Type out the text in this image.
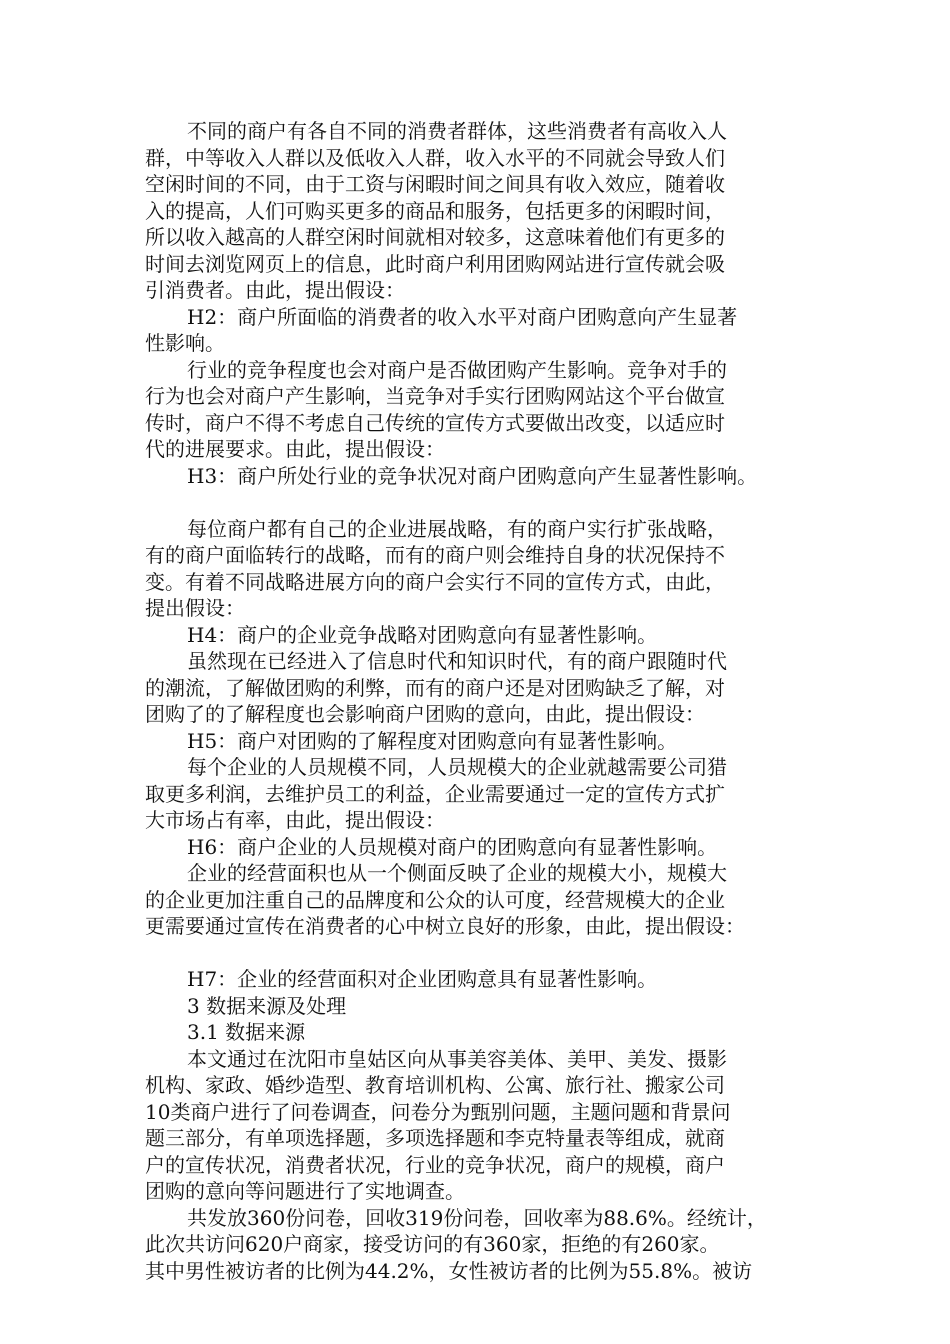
不同的商户有各自不同的消费者群体，这些消费者有高收入人
群，中等收入人群以及低收入人群，收入水平的不同就会导致人们
空闲时间的不同，由于工资与闲暇时间之间具有收入效应，随着收
入的提高，人们可购买更多的商品和服务，包括更多的闲暇时间，
所以收入越高的人群空闲时间就相对较多，这意味着他们有更多的
时间去浏览网页上的信息，此时商户利用团购网站进行宣传就会吸
引消费者。由此，提出假设：
H2：商户所面临的消费者的收入水平对商户团购意向产生显著
性影响。
行业的竞争程度也会对商户是否做团购产生影响。竞争对手的
行为也会对商户产生影响，当竞争对手实行团购网站这个平台做宣
传时，商户不得不考虑自己传统的宣传方式要做出改变，以适应时
代的进展要求。由此，提出假设：
H3：商户所处行业的竞争状况对商户团购意向产生显著性影响。
每位商户都有自己的企业进展战略，有的商户实行扩张战略，
有的商户面临转行的战略，而有的商户则会维持自身的状况保持不
变。有着不同战略进展方向的商户会实行不同的宣传方式，由此，
提出假设：
H4：商户的企业竞争战略对团购意向有显著性影响。
虽然现在已经进入了信息时代和知识时代，有的商户跟随时代
的潮流，了解做团购的利弊，而有的商户还是对团购缺乏了解，对
团购了的了解程度也会影响商户团购的意向，由此，提出假设：
H5：商户对团购的了解程度对团购意向有显著性影响。
每个企业的人员规模不同，人员规模大的企业就越需要公司猎
取更多利润，去维护员工的利益，企业需要通过一定的宣传方式扩
大市场占有率，由此，提出假设：
H6：商户企业的人员规模对商户的团购意向有显著性影响。
企业的经营面积也从一个侧面反映了企业的规模大小，规模大
的企业更加注重自己的品牌度和公众的认可度，经营规模大的企业
更需要通过宣传在消费者的心中树立良好的形象，由此，提出假设：
H7：企业的经营面积对企业团购意具有显著性影响。
3 数据来源及处理
3.1 数据来源
本文通过在沈阳市皇姑区向从事美容美体、美甲、美发、摄影
机构、家政、婚纱造型、教育培训机构、公寓、旅行社、搬家公司
10类商户进行了问卷调查，问卷分为甄别问题，主题问题和背景问
题三部分，有单项选择题，多项选择题和李克特量表等组成，就商
户的宣传状况，消费者状况，行业的竞争状况，商户的规模，商户
团购的意向等问题进行了实地调查。
共发放360份问卷，回收319份问卷，回收率为88.6%。经统计，
此次共访问620户商家，接受访问的有360家，拒绝的有260家。
其中男性被访者的比例为44.2%，女性被访者的比例为55.8%。被访
